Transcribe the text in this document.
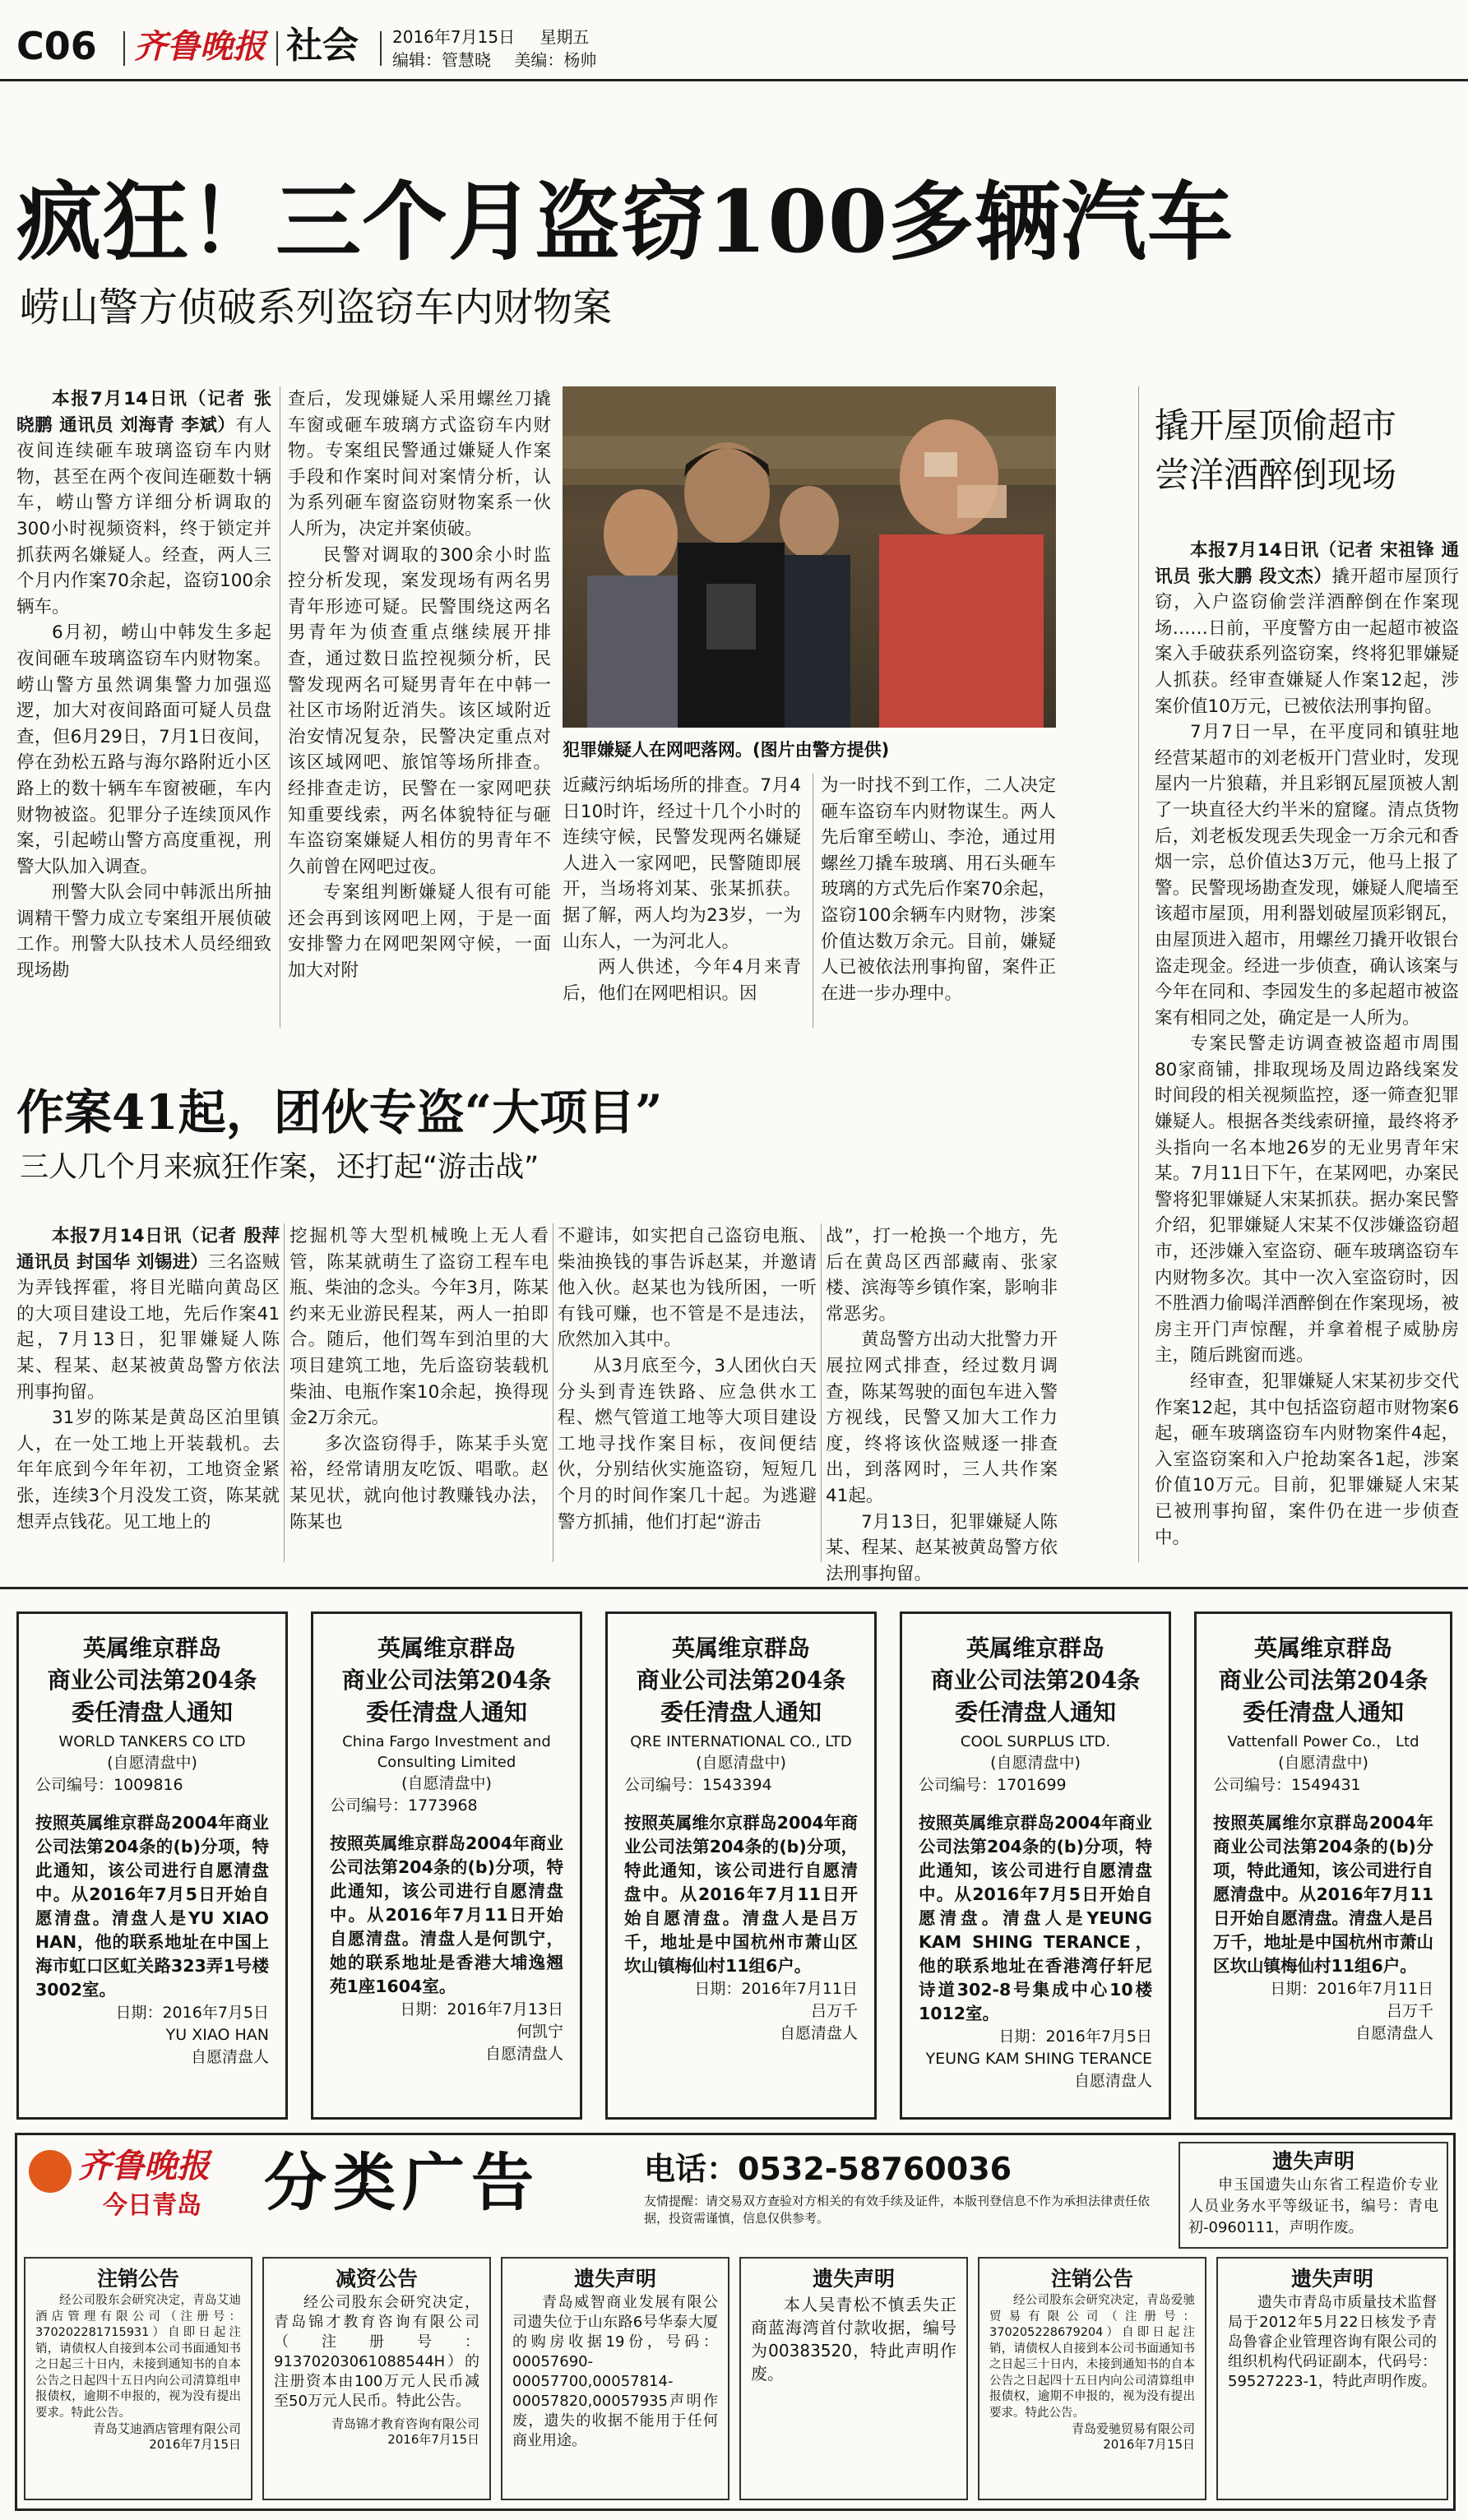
C06 齐鲁晚报 社会 2016年7月15日 星期五
编辑：管慧晓 美编：杨帅
疯狂！三个月盗窃100多辆汽车
崂山警方侦破系列盗窃车内财物案

本报7月14日讯（记者 张晓鹏 通讯员 刘海青 李斌）有人夜间连续砸车玻璃盗窃车内财物，甚至在两个夜间连砸数十辆车，崂山警方详细分析调取的300小时视频资料，终于锁定并抓获两名嫌疑人。经查，两人三个月内作案70余起，盗窃100余辆车。

6月初，崂山中韩发生多起夜间砸车玻璃盗窃车内财物案。崂山警方虽然调集警力加强巡逻，加大对夜间路面可疑人员盘查，但6月29日，7月1日夜间，停在劲松五路与海尔路附近小区路上的数十辆车车窗被砸，车内财物被盗。犯罪分子连续顶风作案，引起崂山警方高度重视，刑警大队加入调查。

刑警大队会同中韩派出所抽调精干警力成立专案组开展侦破工作。刑警大队技术人员经细致现场勘

查后，发现嫌疑人采用螺丝刀撬车窗或砸车玻璃方式盗窃车内财物。专案组民警通过嫌疑人作案手段和作案时间对案情分析，认为系列砸车窗盗窃财物案系一伙人所为，决定并案侦破。

民警对调取的300余小时监控分析发现，案发现场有两名男青年形迹可疑。民警围绕这两名男青年为侦查重点继续展开排查，通过数日监控视频分析，民警发现两名可疑男青年在中韩一社区市场附近消失。该区域附近治安情况复杂，民警决定重点对该区域网吧、旅馆等场所排查。经排查走访，民警在一家网吧获知重要线索，两名体貌特征与砸车盗窃案嫌疑人相仿的男青年不久前曾在网吧过夜。

专案组判断嫌疑人很有可能还会再到该网吧上网，于是一面安排警力在网吧架网守候，一面加大对附

犯罪嫌疑人在网吧落网。(图片由警方提供)

近藏污纳垢场所的排查。7月4日10时许，经过十几个小时的连续守候，民警发现两名嫌疑人进入一家网吧，民警随即展开，当场将刘某、张某抓获。据了解，两人均为23岁，一为山东人，一为河北人。

两人供述，今年4月来青后，他们在网吧相识。因

为一时找不到工作，二人决定砸车盗窃车内财物谋生。两人先后窜至崂山、李沧，通过用螺丝刀撬车玻璃、用石头砸车玻璃的方式先后作案70余起，盗窃100余辆车内财物，涉案价值达数万余元。目前，嫌疑人已被依法刑事拘留，案件正在进一步办理中。

撬开屋顶偷超市
尝洋酒醉倒现场

本报7月14日讯（记者 宋祖锋 通讯员 张大鹏 段文杰）撬开超市屋顶行窃，入户盗窃偷尝洋酒醉倒在作案现场……日前，平度警方由一起超市被盗案入手破获系列盗窃案，终将犯罪嫌疑人抓获。经审查嫌疑人作案12起，涉案价值10万元，已被依法刑事拘留。

7月7日一早，在平度同和镇驻地经营某超市的刘老板开门营业时，发现屋内一片狼藉，并且彩钢瓦屋顶被人割了一块直径大约半米的窟窿。清点货物后，刘老板发现丢失现金一万余元和香烟一宗，总价值达3万元，他马上报了警。民警现场勘查发现，嫌疑人爬墙至该超市屋顶，用利器划破屋顶彩钢瓦，由屋顶进入超市，用螺丝刀撬开收银台盗走现金。经进一步侦查，确认该案与今年在同和、李园发生的多起超市被盗案有相同之处，确定是一人所为。

专案民警走访调查被盗超市周围80家商铺，排取现场及周边路线案发时间段的相关视频监控，逐一筛查犯罪嫌疑人。根据各类线索研撞，最终将矛头指向一名本地26岁的无业男青年宋某。7月11日下午，在某网吧，办案民警将犯罪嫌疑人宋某抓获。据办案民警介绍，犯罪嫌疑人宋某不仅涉嫌盗窃超市，还涉嫌入室盗窃、砸车玻璃盗窃车内财物多次。其中一次入室盗窃时，因不胜酒力偷喝洋酒醉倒在作案现场，被房主开门声惊醒，并拿着棍子威胁房主，随后跳窗而逃。

经审查，犯罪嫌疑人宋某初步交代作案12起，其中包括盗窃超市财物案6起，砸车玻璃盗窃车内财物案件4起，入室盗窃案和入户抢劫案各1起，涉案价值10万元。目前，犯罪嫌疑人宋某已被刑事拘留，案件仍在进一步侦查中。

作案41起，团伙专盗“大项目”
三人几个月来疯狂作案，还打起“游击战”

本报7月14日讯（记者 殷萍 通讯员 封国华 刘锡进）三名盗贼为弄钱挥霍，将目光瞄向黄岛区的大项目建设工地，先后作案41起，7月13日，犯罪嫌疑人陈某、程某、赵某被黄岛警方依法刑事拘留。

31岁的陈某是黄岛区泊里镇人，在一处工地上开装载机。去年年底到今年年初，工地资金紧张，连续3个月没发工资，陈某就想弄点钱花。见工地上的

挖掘机等大型机械晚上无人看管，陈某就萌生了盗窃工程车电瓶、柴油的念头。今年3月，陈某约来无业游民程某，两人一拍即合。随后，他们驾车到泊里的大项目建筑工地，先后盗窃装载机柴油、电瓶作案10余起，换得现金2万余元。

多次盗窃得手，陈某手头宽裕，经常请朋友吃饭、唱歌。赵某见状，就向他讨教赚钱办法，陈某也

不避讳，如实把自己盗窃电瓶、柴油换钱的事告诉赵某，并邀请他入伙。赵某也为钱所困，一听有钱可赚，也不管是不是违法，欣然加入其中。

从3月底至今，3人团伙白天分头到青连铁路、应急供水工程、燃气管道工地等大项目建设工地寻找作案目标，夜间便结伙，分别结伙实施盗窃，短短几个月的时间作案几十起。为逃避警方抓捕，他们打起“游击

战”，打一枪换一个地方，先后在黄岛区西部藏南、张家楼、滨海等乡镇作案，影响非常恶劣。

黄岛警方出动大批警力开展拉网式排查，经过数月调查，陈某驾驶的面包车进入警方视线，民警又加大工作力度，终将该伙盗贼逐一排查出，到落网时，三人共作案41起。

7月13日，犯罪嫌疑人陈某、程某、赵某被黄岛警方依法刑事拘留。

英属维京群岛
商业公司法第204条
委任清盘人通知
WORLD TANKERS CO LTD
(自愿清盘中)
公司编号：1009816
按照英属维京群岛2004年商业公司法第204条的(b)分项，特此通知，该公司进行自愿清盘中。从2016年7月5日开始自愿清盘。清盘人是YU XIAO HAN，他的联系地址在中国上海市虹口区虹关路323弄1号楼3002室。
日期：2016年7月5日
YU XIAO HAN
自愿清盘人
英属维京群岛
商业公司法第204条
委任清盘人通知
China Fargo Investment and Consulting Limited
(自愿清盘中)
公司编号：1773968
按照英属维京群岛2004年商业公司法第204条的(b)分项，特此通知，该公司进行自愿清盘中。从2016年7月11日开始自愿清盘。清盘人是何凯宁，她的联系地址是香港大埔逸翘苑1座1604室。
日期：2016年7月13日
何凯宁
自愿清盘人
英属维京群岛
商业公司法第204条
委任清盘人通知
QRE INTERNATIONAL CO., LTD
(自愿清盘中)
公司编号：1543394
按照英属维尔京群岛2004年商业公司法第204条的(b)分项，特此通知，该公司进行自愿清盘中。从2016年7月11日开始自愿清盘。清盘人是吕万千，地址是中国杭州市萧山区坎山镇梅仙村11组6户。
日期：2016年7月11日
吕万千
自愿清盘人
英属维京群岛
商业公司法第204条
委任清盘人通知
COOL SURPLUS LTD.
(自愿清盘中)
公司编号：1701699
按照英属维京群岛2004年商业公司法第204条的(b)分项，特此通知，该公司进行自愿清盘中。从2016年7月5日开始自愿清盘。清盘人是YEUNG KAM SHING TERANCE，他的联系地址在香港湾仔轩尼诗道302-8号集成中心10楼1012室。
日期：2016年7月5日
YEUNG KAM SHING TERANCE
自愿清盘人
英属维京群岛
商业公司法第204条
委任清盘人通知
Vattenfall Power Co.， Ltd
(自愿清盘中)
公司编号：1549431
按照英属维尔京群岛2004年商业公司法第204条的(b)分项，特此通知，该公司进行自愿清盘中。从2016年7月11日开始自愿清盘。清盘人是吕万千，地址是中国杭州市萧山区坎山镇梅仙村11组6户。
日期：2016年7月11日
吕万千
自愿清盘人
齐鲁晚报
今日青岛 分类广告	电话：0532-58760036
友情提醒：请交易双方查验对方相关的有效手续及证件，本版刊登信息不作为承担法律责任依据，投资需谨慎，信息仅供参考。
遗失声明
申玉国遗失山东省工程造价专业人员业务水平等级证书，编号：青电初-0960111，声明作废。
注销公告
经公司股东会研究决定，青岛艾迪酒店管理有限公司（注册号：370202281715931）自即日起注销，请债权人自接到本公司书面通知书之日起三十日内，未接到通知书的自本公告之日起四十五日内向公司清算组申报债权，逾期不申报的，视为没有提出要求。特此公告。
青岛艾迪酒店管理有限公司
2016年7月15日
减资公告
经公司股东会研究决定，青岛锦才教育咨询有限公司（注册号：91370203061088544H）的注册资本由100万元人民币减至50万元人民币。特此公告。
青岛锦才教育咨询有限公司
2016年7月15日
遗失声明
青岛威智商业发展有限公司遗失位于山东路6号华泰大厦的购房收据19份，号码：00057690-00057700,00057814-00057820,00057935声明作废，遗失的收据不能用于任何商业用途。
遗失声明
本人吴青松不慎丢失正商蓝海湾首付款收据，编号为00383520，特此声明作废。
注销公告
经公司股东会研究决定，青岛爱驰贸易有限公司（注册号：370205228679204）自即日起注销，请债权人自接到本公司书面通知书之日起三十日内，未接到通知书的自本公告之日起四十五日内向公司清算组申报债权，逾期不申报的，视为没有提出要求。特此公告。
青岛爱驰贸易有限公司
2016年7月15日
遗失声明
遗失市青岛市质量技术监督局于2012年5月22日核发予青岛鲁睿企业管理咨询有限公司的组织机构代码证副本，代码号：59527223-1，特此声明作废。
